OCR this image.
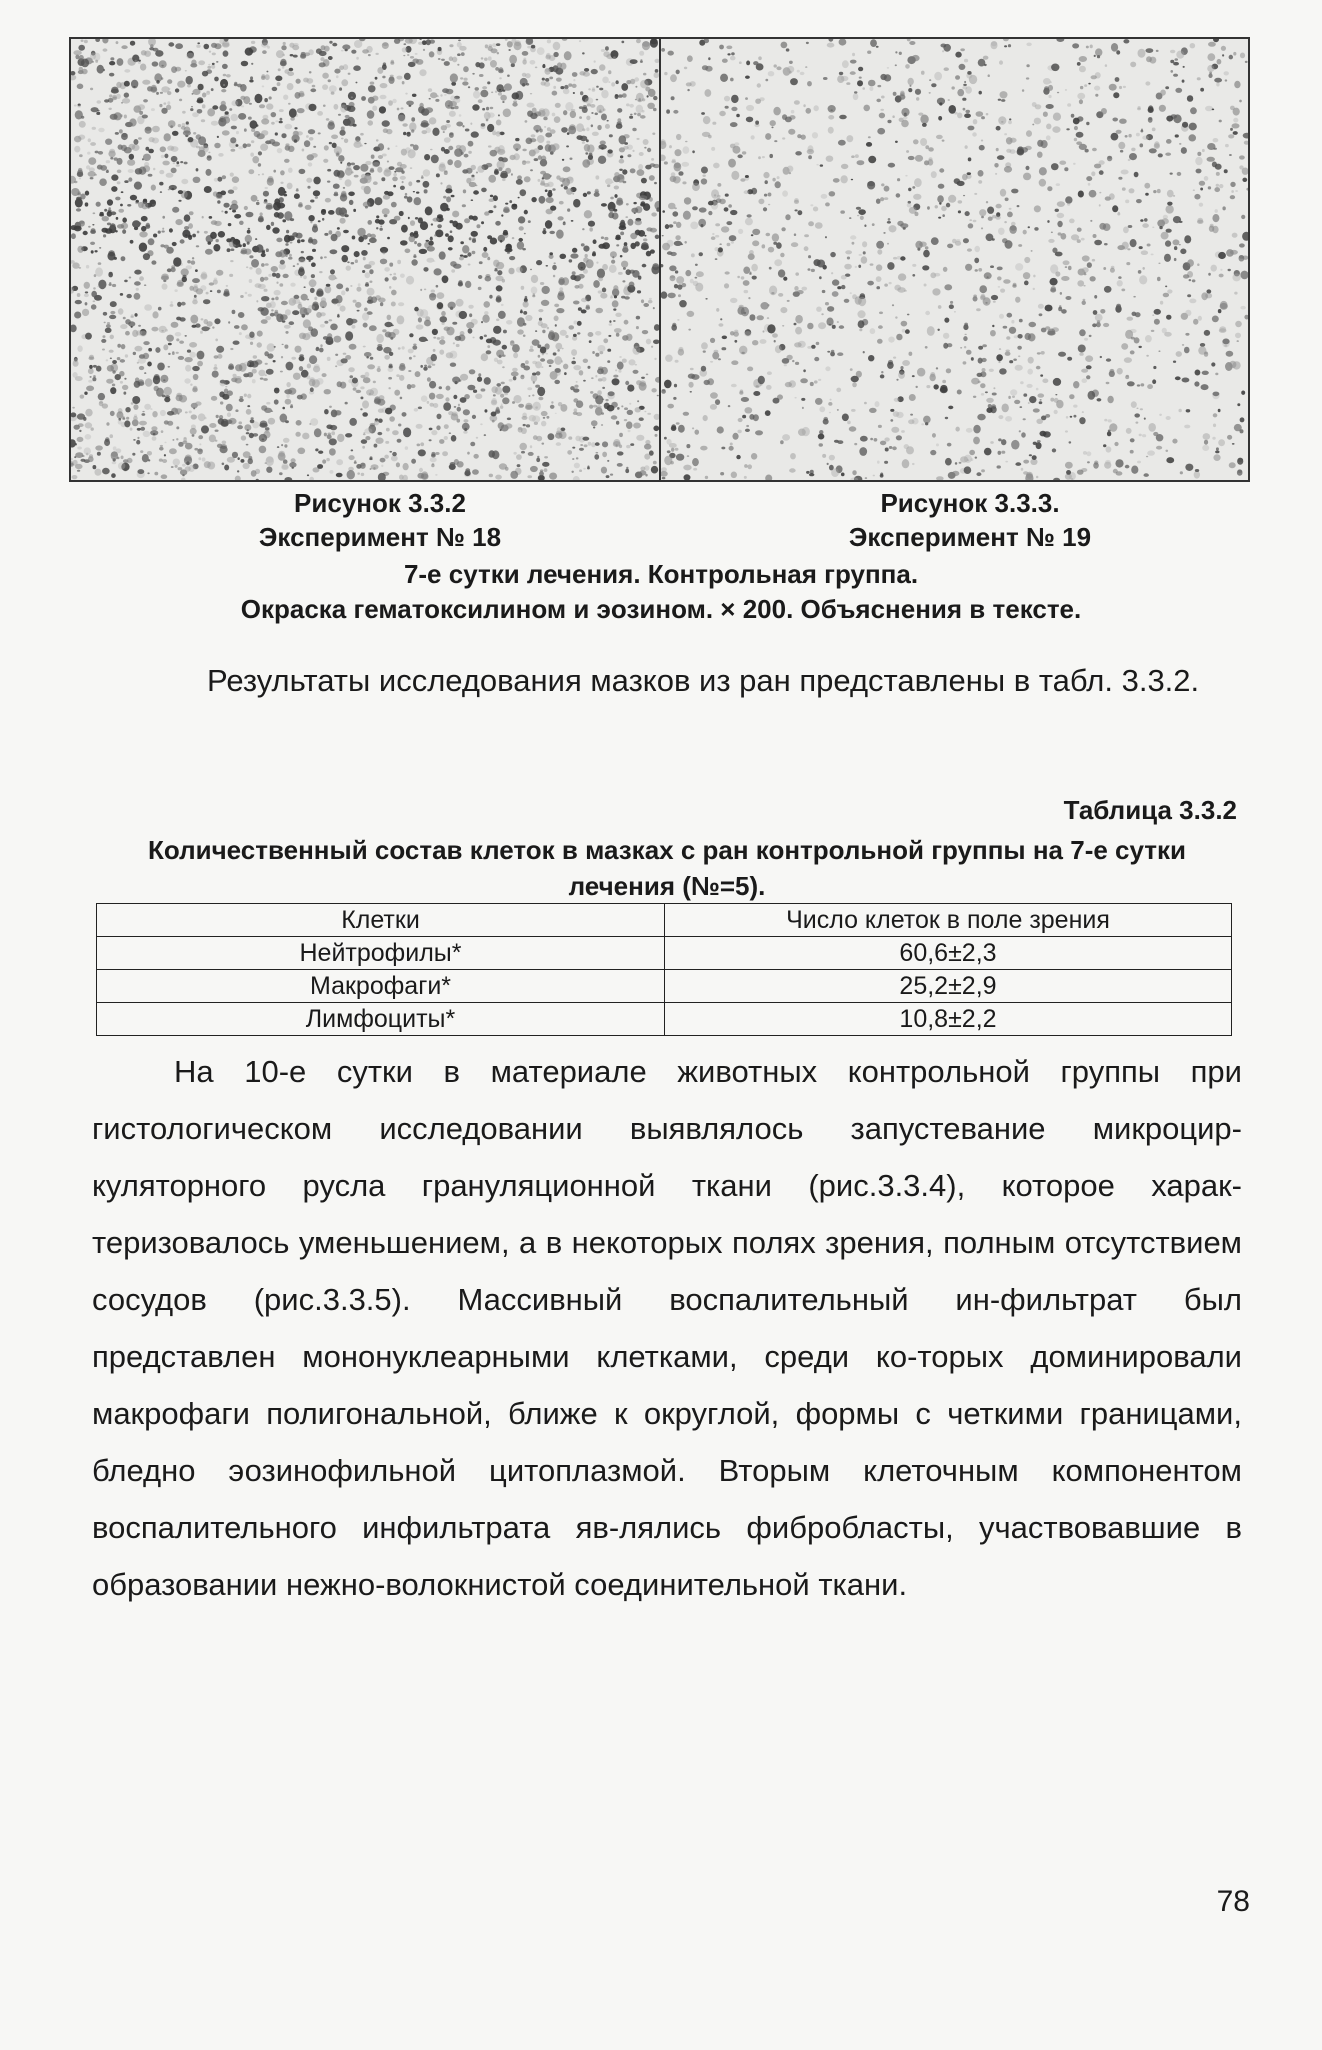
Рисунок 3.3.2
Эксперимент № 18
Рисунок 3.3.3.
Эксперимент № 19
7-е сутки лечения. Контрольная группа.
Окраска гематоксилином и эозином. × 200. Объяснения в тексте.
Результаты исследования мазков из ран представлены в табл. 3.3.2.
Таблица 3.3.2
Количественный состав клеток в мазках с ран контрольной группы на 7-е сутки лечения (№=5).
Клетки	Число клеток в поле зрения
Нейтрофилы*	60,6±2,3
Макрофаги*	25,2±2,9
Лимфоциты*	10,8±2,2
На 10-е сутки в материале животных контрольной группы при гистологическом исследовании выявлялось запустевание микроцир-куляторного русла грануляционной ткани (рис.3.3.4), которое харак-теризовалось уменьшением, а в некоторых полях зрения, полным отсутствием сосудов (рис.3.3.5). Массивный воспалительный ин-фильтрат был представлен мононуклеарными клетками, среди ко-торых доминировали макрофаги полигональной, ближе к округлой, формы с четкими границами, бледно эозинофильной цитоплазмой. Вторым клеточным компонентом воспалительного инфильтрата яв-лялись фибробласты, участвовавшие в образовании нежно-волокнистой соединительной ткани.
78
